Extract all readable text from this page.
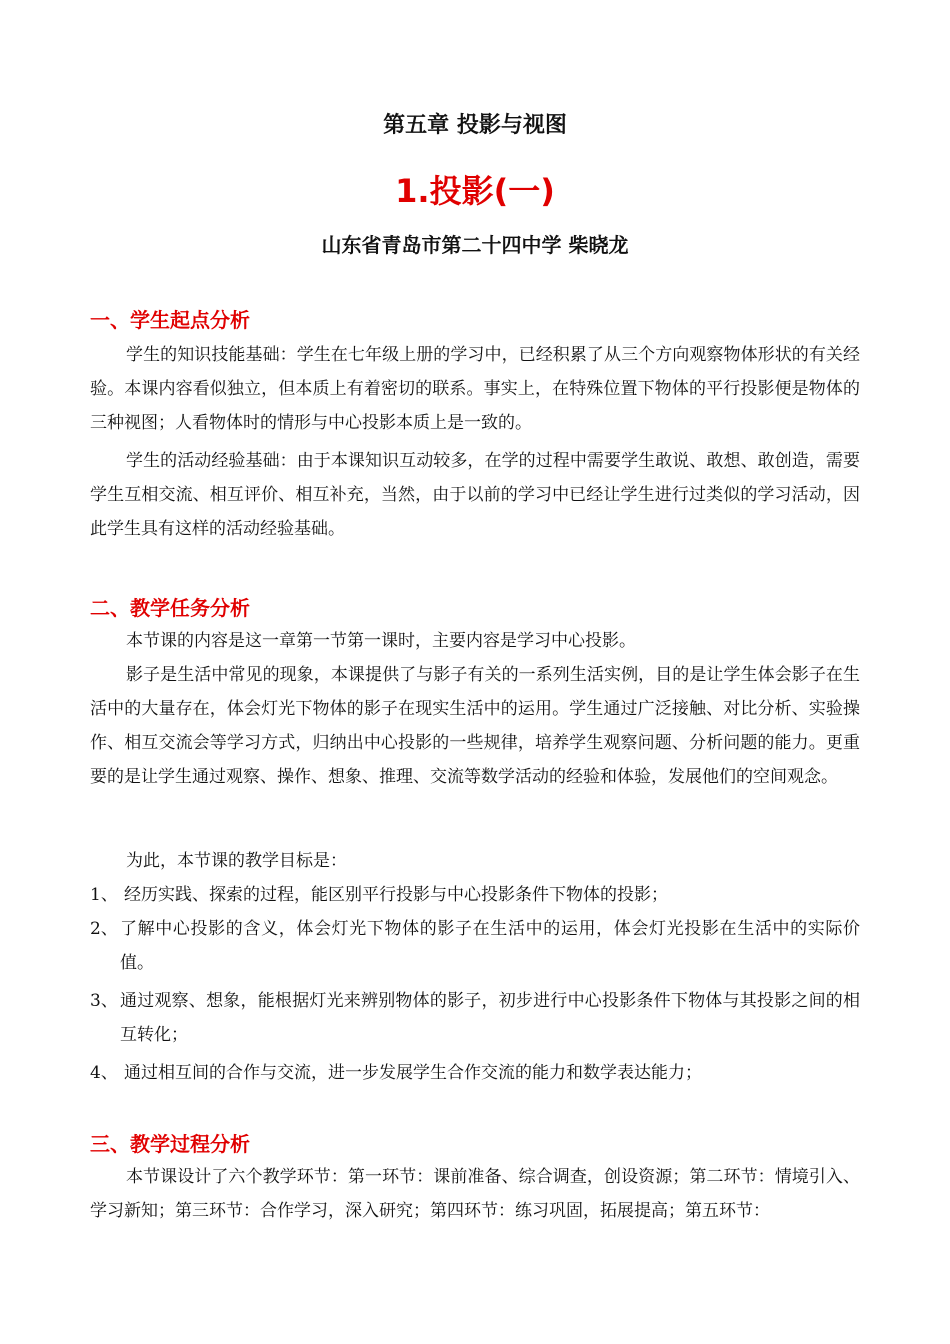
第五章 投影与视图
1.投影(一)
山东省青岛市第二十四中学 柴晓龙
一、学生起点分析

学生的知识技能基础：学生在七年级上册的学习中，已经积累了从三个方向观察物体形状的有关经验。本课内容看似独立，但本质上有着密切的联系。事实上，在特殊位置下物体的平行投影便是物体的三种视图；人看物体时的情形与中心投影本质上是一致的。

学生的活动经验基础：由于本课知识互动较多，在学的过程中需要学生敢说、敢想、敢创造，需要学生互相交流、相互评价、相互补充，当然，由于以前的学习中已经让学生进行过类似的学习活动，因此学生具有这样的活动经验基础。

二、教学任务分析

本节课的内容是这一章第一节第一课时，主要内容是学习中心投影。

影子是生活中常见的现象，本课提供了与影子有关的一系列生活实例，目的是让学生体会影子在生活中的大量存在，体会灯光下物体的影子在现实生活中的运用。学生通过广泛接触、对比分析、实验操作、相互交流会等学习方式，归纳出中心投影的一些规律，培养学生观察问题、分析问题的能力。更重要的是让学生通过观察、操作、想象、推理、交流等数学活动的经验和体验，发展他们的空间观念。

为此，本节课的教学目标是：

1、 经历实践、探索的过程，能区别平行投影与中心投影条件下物体的投影；
2、 了解中心投影的含义，体会灯光下物体的影子在生活中的运用，体会灯光投影在生活中的实际价值。
3、 通过观察、想象，能根据灯光来辨别物体的影子，初步进行中心投影条件下物体与其投影之间的相互转化；
4、 通过相互间的合作与交流，进一步发展学生合作交流的能力和数学表达能力；
三、教学过程分析

本节课设计了六个教学环节：第一环节：课前准备、综合调查，创设资源；第二环节：情境引入、学习新知；第三环节：合作学习，深入研究；第四环节：练习巩固，拓展提高；第五环节：
